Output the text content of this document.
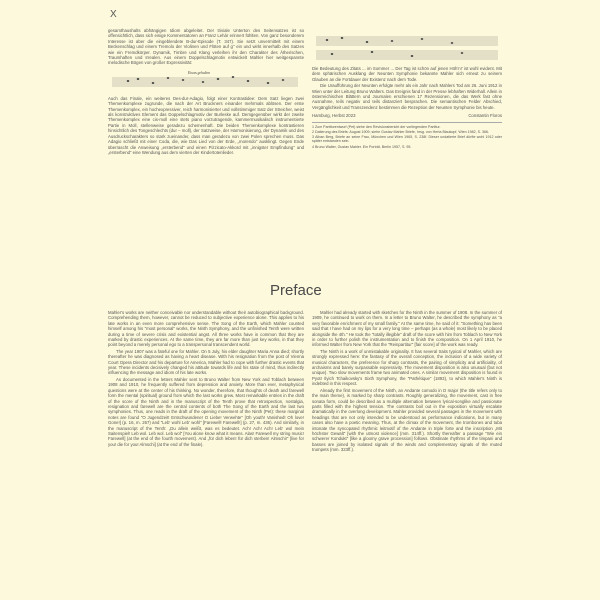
X

gesamthaushalts abhängigen Idiom abgeleitet. Der triviale Unterton des Seitensatzes ist so offensichtlich, dass sich einige Kommentatoren an Franz Lehár erinnert fühlten. Von ganz besonderem Interesse ist aber die eingeblendete B-dur-Episode (T. 347). Sie setzt unvermittelt mit einem Beckenschlag und einem Tremolo der Violinen und Flöten auf g'' ein und wirkt innerhalb des Satzes wie ein Fremdkörper. Dynamik, Timbre und Klang verleihen ihr den Charakter des Ätherischen, Traumhaften und Irrealen. Aus einem Doppelschlagmotiv entwickelt Mahler hier weitgespannte melodische Bögen von großer Expressivität:

Etwas gehalten

Auch das Finale, ein weiteres Des-dur-Adagio, folgt einer Kontrastidee: Dem Satz liegen zwei Themenkomplexe zugrunde, die nach der Art Bruckners einander mehrmals ablösen. Der erste Themenkomplex, ein hochexpressiver, reich harmonisierter und vollstimmiger Satz der Streicher, weist als konstruktives Element das Doppelschlagmotiv der Burleske auf. Demgegenüber wirkt der zweite Themenkomplex eine cis-moll eine stets piano vorzutragende, kammermusikalisch instrumentierte Partie in Moll, stellenweise geradezu schemenhaft. Die beiden Themenkomplexe kontrastieren hinsichtlich des Tongeschlechts (dur – moll), der Satzweise, der Harmonisierung, der Dynamik und des Ausdruckscharakters so stark zueinander, dass man geradezu von zwei Polen sprechen muss. Das Adagio schließt mit einer Coda, die, wie Das Lied von der Erde, „morendo“ ausklingt. Gegen Ende überrascht die Anweisung „ersterbend“ und einen Pizzicato-Akkord mit „innigster Empfindung“ und „ersterbend“ eine Wendung aus dem vierten der Kindertotenlieder.

Die Bedeutung des Zitats ... im Sommer ... Der Tag ist schön auf jenen Höh'n!' ist wohl evident. Mit dem sphärischen Ausklang der Neunten Symphonie bekannte Mahler sich erneut zu seinem Glauben an die Fortdauer der Existenz nach dem Tode.

Die Uraufführung der Neunten erfolgte mehr als ein Jahr nach Mahlers Tod am 26. Juni 1912 in Wien unter der Leitung Bruno Walters. Das Ereignis fand in der Presse lebhaften Widerhall. Allein in österreichischen Blättern und Journalen erschienen 17 Rezensionen, die das Werk fast ohne Ausnahme, teils negativ und teils distanziert besprachen. Die semantischen Felder Abschied, Vergänglichkeit und Transzendenz bestimmen die Rezeption der Neunten Symphonie bis heute.

Hamburg, Herbst 2023	Constantin Floros
1 Zum Partiturentwurf (Pet) siehe den Revisionsbericht der vorliegenden Partitur.
2 Datierung des Briefs: August 1909; siehe Gustav Mahler Briefe, hrsg. von Herta Blaukopf, Wien 1982, S. 366.
3 Alban Berg, Briefe an seine Frau, München und Wien 1965, S. 238f. Dieser undatierte Brief dürfte wohl 1912 oder später entstanden sein.
4 Bruno Walter, Gustav Mahler. Ein Porträt, Berlin 1957, S. 95.
Preface

Mahler's works are neither conceivable nor understandable without their autobiographical background. Comprehending them, however, cannot be reduced to subjective experience alone. This applies to his late works in an even more comprehensive sense. The Song of the Earth, which Mahler counted himself among his "most personal" works, the Ninth Symphony, and the unfinished Tenth were written during a time of severe crisis and existential angst. All three works have in common that they are marked by drastic experiences. At the same time, they are far more than just key works, in that they point beyond a merely personal ego to a transpersonal transcendent world.

The year 1907 was a fateful one for Mahler. On 5 July, his elder daughter Maria Anna died; shortly thereafter he was diagnosed as having a heart disease. With his resignation from the post of Vienna Court Opera Director and his departure for America, Mahler had to cope with further drastic events that year. These incidents decisively changed his attitude towards life and his state of mind, thus indirectly influencing the message and idiom of his late works.

As documented in the letters Mahler sent to Bruno Walter from New York and Toblach between 1908 and 1910, he frequently suffered from depression and anxiety. More than ever, metaphysical questions were at the center of his thinking. No wonder, therefore, that thoughts of death and farewell form the mental (spiritual) ground from which the last works grew. Most remarkable entries in the draft of the score of the Ninth and in the manuscript of the Tenth prove that retrospection, nostalgia, resignation and farewell are the central contents of both The Song of the Earth and the last two symphonies. Thus, one reads in the draft of the opening movement of the Ninth (Pet): these marginal notes are found "O Jugendzeit! Entschwundene! O Liebe! Verwehte" [Oh youth! Vanished! Oh love! Gone!] (p. 16, m. 267) and "Leb' wohl Leb' wohl" [Farewell! Farewell!] (p. 27, m. 436). And similarly, in the manuscript of the Tenth: „Du allein weißt, was es bedeutet. Ach! Ach! Ach! Leb' wol mein Saitenspiel! Leb wol. Leb wol. Leb wol“ [You alone know what it means. Alas! Farewell my string music! Farewell] (at the end of the fourth movement). And „für dich leben! für dich sterben! Almschi!“ [live for you! die for you! Almschi] (at the end of the finale).

Mahler had already started with sketches for the Ninth in the summer of 1908. In the summer of 1909, he continued to work on them. In a letter to Bruno Walter, he described the symphony as "a very favorable enrichment of my small family." At the same time, he said of it: "Something has been said that I have had on my lips for a very long time – perhaps (as a whole) most likely to be placed alongside the 4th." He took the "totally illegible" draft of the score with him from Toblach to New York in order to further polish the instrumentation and to finish the composition. On 1 April 1910, he informed Walter from New York that the "Reinpartitur" [fair score] of the work was ready.

The Ninth is a work of unmistakable originality. It has several traits typical of Mahler, which are strongly expressed here: the fantasy of the overall conception, the inclusion of a wide variety of musical characters, the preference for sharp contrasts, the pairing of simplicity and artificiality, of archaisms and barely surpassable expressivity. The movement disposition is also unusual (but not unique). Two slow movements frame two animated ones. A similar movement disposition is found in Pyotr Ilyich Tchaikovsky's Sixth Symphony, the "Pathétique" (1893), to which Mahler's Ninth is indebted in this respect.

Already the first movement of the Ninth, an Andante comodo in D major (the title refers only to the main theme), is marked by sharp contrasts. Roughly generalizing, the movement, cast in free sonata form, could be described as a multiple alternation between lyrical-songlike and passionate parts filled with the highest tension. The contrasts boil out in the exposition virtually escalate dramatically in the overlong development. Mahler provided several passages in the movement with headings that are not only intended to be understood as performance indications, but in many cases also have a poetic meaning. Thus, at the climax of the movement, the trombones and tuba intonate the syncopated rhythmic leitmotif of the Andante in triple forte and the inscription „Mit höchster Gewalt“ [with the utmost violence] (mm. 314ff.). Shortly thereafter a passage "Wie ein schwerer Kondukt" [like a gloomy grave procession] follows. Obstinate rhythms of the timpani and basses are joined by isolated signals of the winds and complementary signals of the muted trumpets (mm. 323ff.).
